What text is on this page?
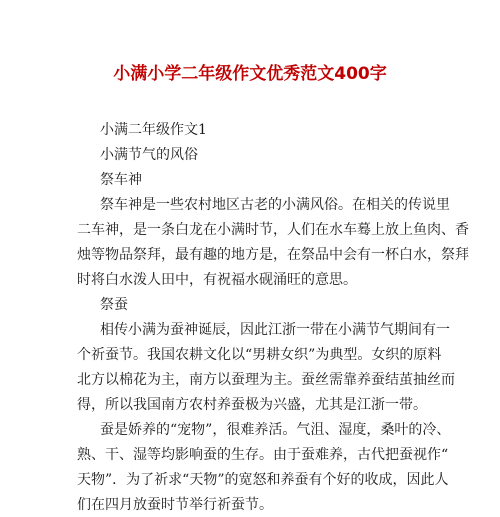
小满小学二年级作文优秀范文400字
小满二年级作文1
小满节气的风俗
祭车神
祭车神是一些农村地区古老的小满风俗。在相关的传说里
二车神，是一条白龙在小满时节，人们在水车蓦上放上鱼肉、香
烛等物品祭拜，最有趣的地方是，在祭品中会有一杯白水，祭拜
时将白水泼人田中，有祝福水砚涌旺的意思。
祭蚕
相传小满为蚕神诞辰，因此江浙一带在小满节气期间有一
个祈蚕节。我国农耕文化以“男耕女织”为典型。女织的原料
北方以棉花为主，南方以蚕理为主。蚕丝需靠养蚕结茧抽丝而
得，所以我国南方农村养蚕极为兴盛，尤其是江浙一带。
蚕是娇养的“宠物”，很难养活。气沮、湿度，桑叶的冷、
熟、干、湿等均影响蚕的生存。由于蚕难养，古代把蚕视作“
天物”．为了祈求“天物”的宽怒和养蚕有个好的收成，因此人
们在四月放蚕时节举行祈蚕节。
